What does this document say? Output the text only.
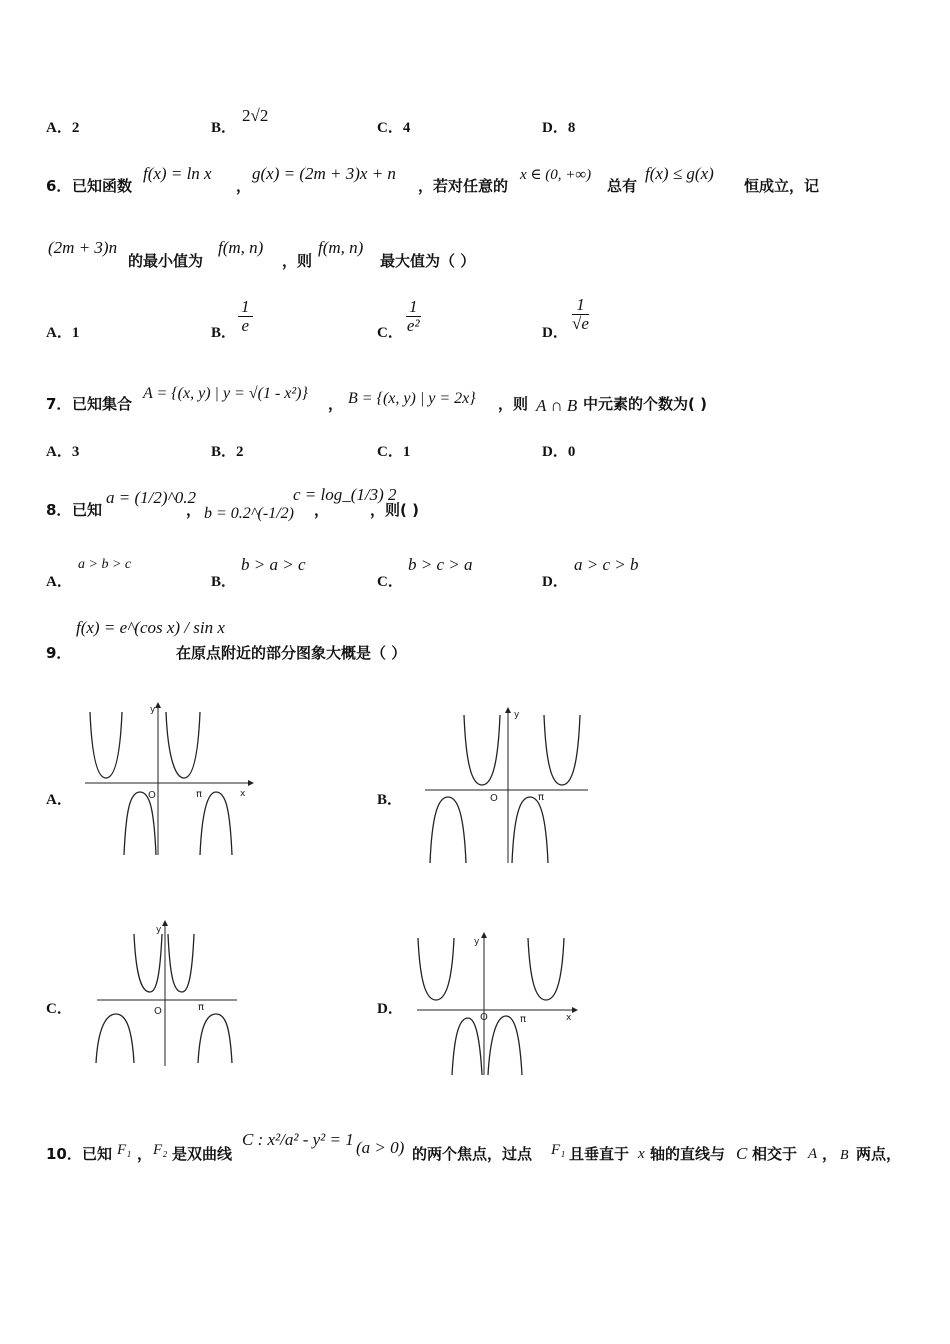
A．2	B．
2√2
C．4	D．8
6． 已知函数
f(x) = ln x
，
g(x) = (2m + 3)x + n
，若对任意的
x ∈ (0, +∞)
总有
f(x) ≤ g(x)
恒成立，记
(2m + 3)n
的最小值为
f(m, n)
，则
f(m, n)
最大值为（ ）
A．1	B． $\frac{1}{e}$	C． $\frac{1}{\text{e²}}$	D． $\frac{1}{√e}$
7． 已知集合
A = {(x, y) | y = √(1 - x²)}
， B = {(x, y) | y = 2x} ，则 A ∩ B 中元素的个数为( )
A．3	B．2	C．1	D．0
8． 已知
a = (1/2)^0.2
， b = 0.2^(-1/2) ，
c = log_(1/3) 2
，则( )
A．
a > b > c
B．
b > a > c
C．
b > c > a
D．
a > c > b
9．
f(x) = e^(cos x) / sin x
在原点附近的部分图象大概是（ ）
A．	B．
C．	D．
y
x
O	π
y
O	π
y
O	π
y
x
O	π
10． 已知 F₁ ， F₂ 是双曲线
C : x²/a² - y² = 1 (a > 0) 的两个焦点，过点 F₁ 且垂直于 x 轴的直线与 C 相交于 A ， B 两点，
